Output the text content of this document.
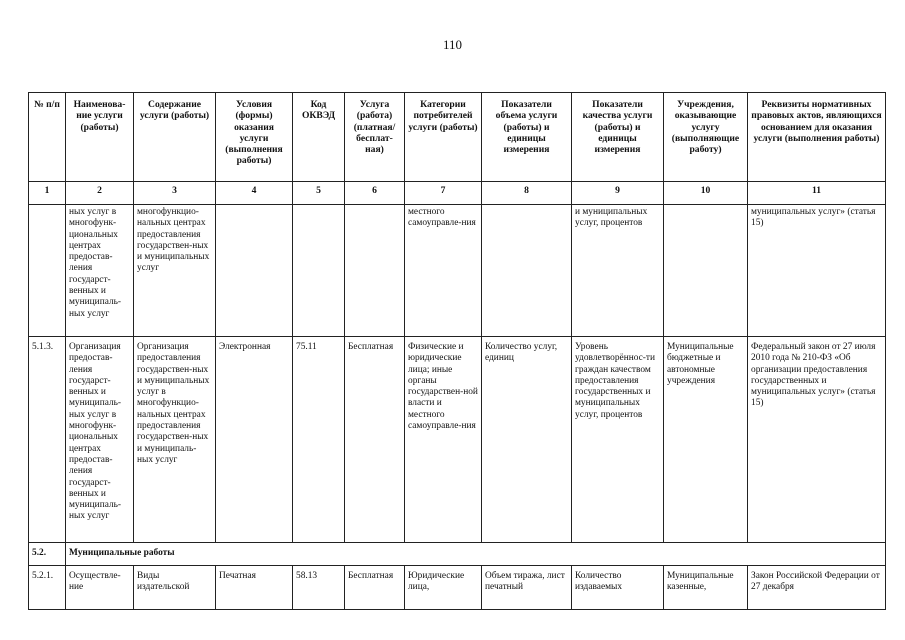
110
№ п/п	Наименова-ние услуги (работы)	Содержание услуги (работы)	Условия (формы) оказания услуги (выполнения работы)	Код ОКВЭД	Услуга (работа) (платная/ бесплат-ная)	Категории потребителей услуги (работы)	Показатели объема услуги (работы) и единицы измерения	Показатели качества услуги (работы) и единицы измерения	Учреждения, оказывающие услугу (выполняющие работу)	Реквизиты нормативных правовых актов, являющихся основанием для оказания услуги (выполнения работы)
1	2	3	4	5	6	7	8	9	10	11
	ных услуг в многофунк-циональных центрах предостав-ления государст-венных и муниципаль-ных услуг	многофункцио-нальных центрах предоставления государствен-ных и муниципальных услуг				местного самоуправле-ния		и муниципальных услуг, процентов		муниципальных услуг» (статья 15)
5.1.3.	Организация предостав-ления государст-венных и муниципаль-ных услуг в многофунк-циональных центрах предостав-ления государст-венных и муниципаль-ных услуг	Организация предоставления государствен-ных и муниципальных услуг в многофункцио-нальных центрах предоставления государствен-ных и муниципаль-ных услуг	Электронная	75.11	Бесплатная	Физические и юридические лица; иные органы государствен-ной власти и местного самоуправле-ния	Количество услуг, единиц	Уровень удовлетворённос-ти граждан качеством предоставления государственных и муниципальных услуг, процентов	Муниципальные бюджетные и автономные учреждения	Федеральный закон от 27 июля 2010 года № 210-ФЗ «Об организации предоставления государственных и муниципальных услуг» (статья 15)
5.2.	Муниципальные работы									
5.2.1.	Осуществле-ние	Виды издательской	Печатная	58.13	Бесплатная	Юридические лица,	Объем тиража, лист печатный	Количество издаваемых	Муниципальные казенные,	Закон Российской Федерации от 27 декабря
